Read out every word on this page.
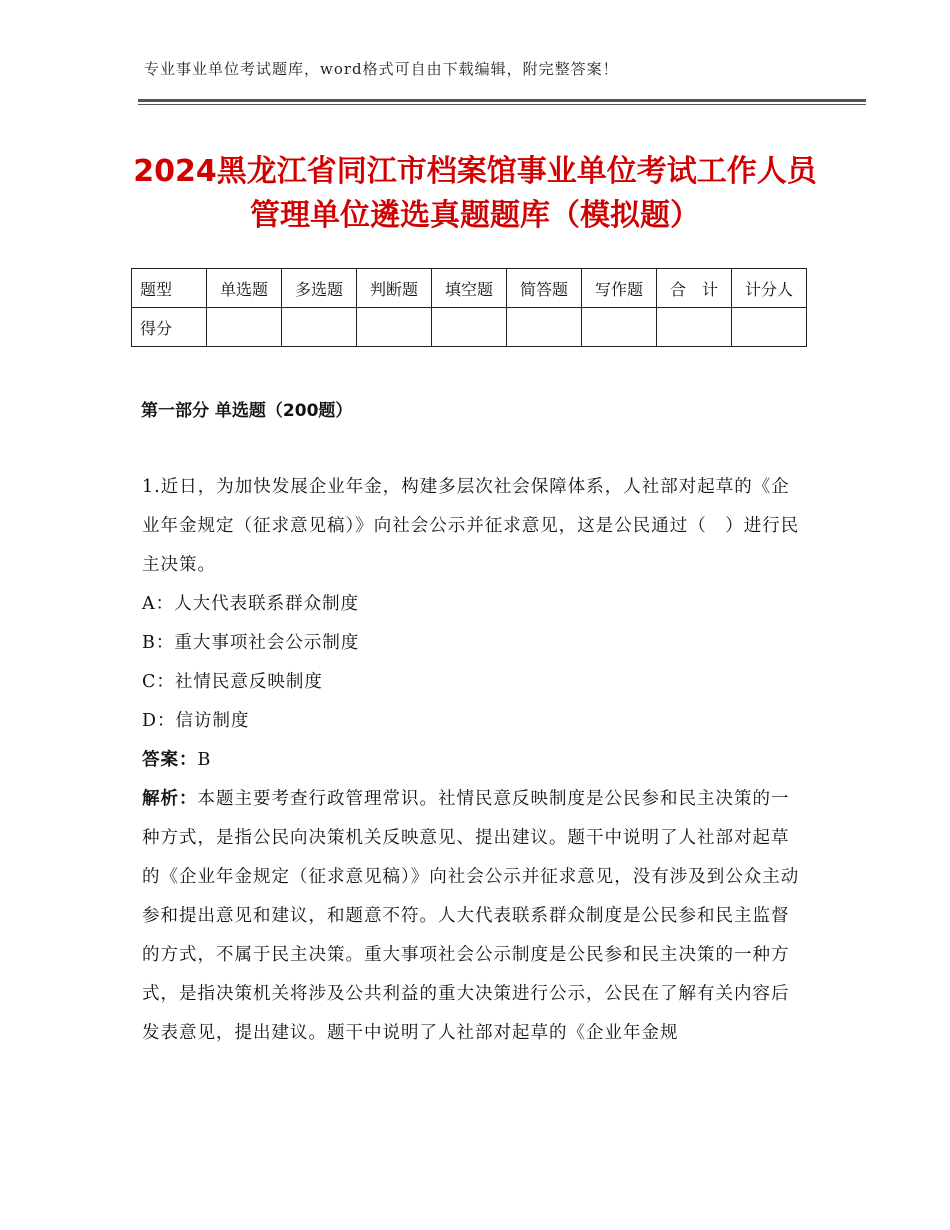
专业事业单位考试题库，word格式可自由下载编辑，附完整答案！
2024黑龙江省同江市档案馆事业单位考试工作人员管理单位遴选真题题库（模拟题）
题型	单选题	多选题	判断题	填空题	简答题	写作题	合　计	计分人
得分								
第一部分 单选题（200题）

1.近日，为加快发展企业年金，构建多层次社会保障体系，人社部对起草的《企业年金规定（征求意见稿）》向社会公示并征求意见，这是公民通过（　）进行民主决策。

A：人大代表联系群众制度

B：重大事项社会公示制度

C：社情民意反映制度

D：信访制度

答案：B

解析：本题主要考查行政管理常识。社情民意反映制度是公民参和民主决策的一种方式，是指公民向决策机关反映意见、提出建议。题干中说明了人社部对起草的《企业年金规定（征求意见稿）》向社会公示并征求意见，没有涉及到公众主动参和提出意见和建议，和题意不符。人大代表联系群众制度是公民参和民主监督的方式，不属于民主决策。重大事项社会公示制度是公民参和民主决策的一种方式，是指决策机关将涉及公共利益的重大决策进行公示，公民在了解有关内容后发表意见，提出建议。题干中说明了人社部对起草的《企业年金规
